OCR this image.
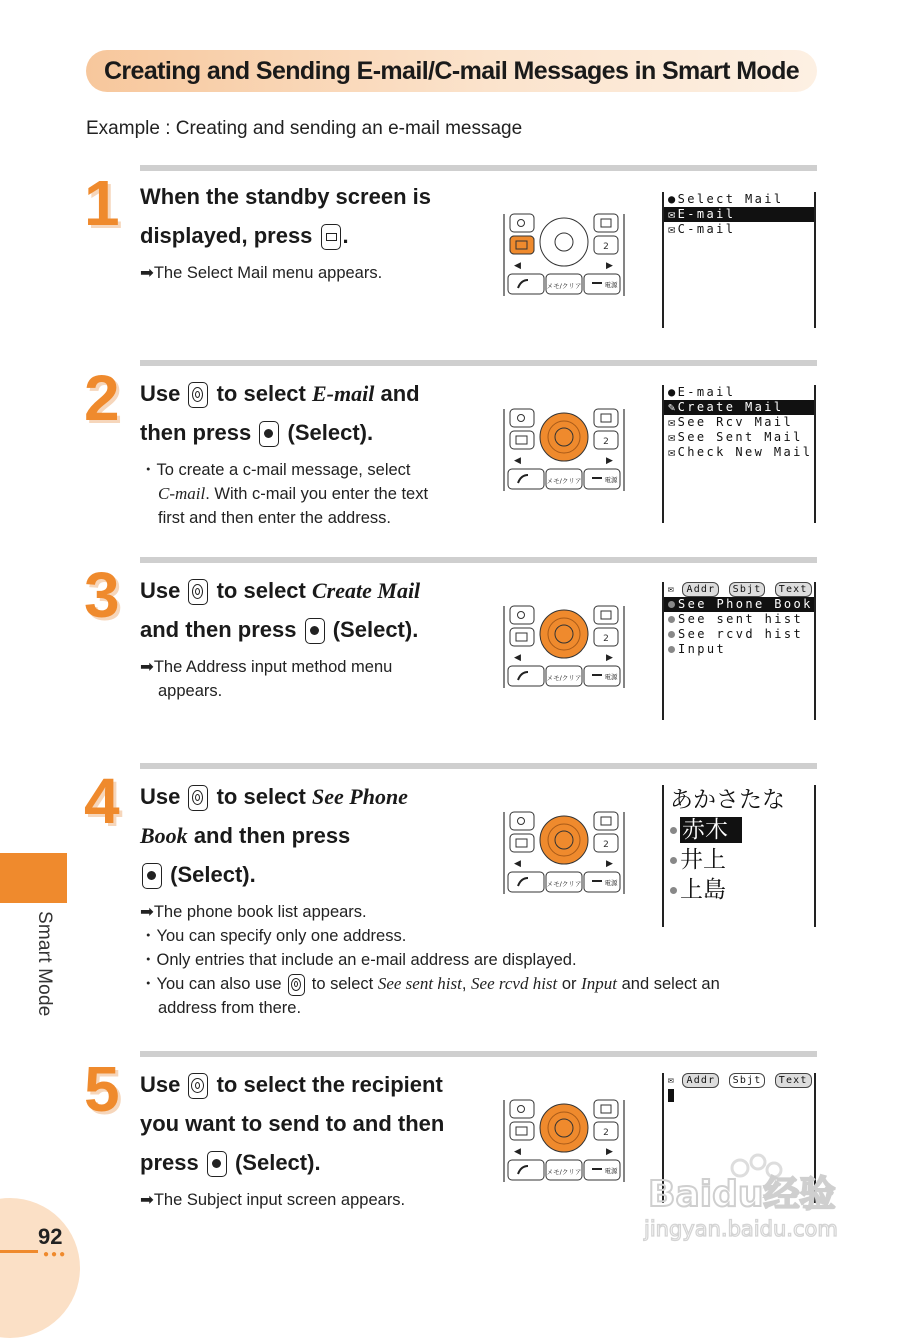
Creating and Sending E-mail/C-mail Messages in Smart Mode
Example : Creating and sending an e-mail message
1 When the standby screen is
displayed, press .
➡The Select Mail menu appears.
●Select Mail
✉E-mail
✉C-mail
2 Use to select E-mail and
then press (Select).
・To create a c-mail message, select
C-mail. With c-mail you enter the text
first and then enter the address.
●E-mail
✎Create Mail
✉See Rcv Mail
✉See Sent Mail
✉Check New Mail
3 Use to select Create Mail
and then press (Select).
➡The Address input method menu
appears.
✉ Addr Sbjt Text
See Phone Book
See sent hist
See rcvd hist
Input
4 Use to select See Phone
Book and then press
(Select).
➡The phone book list appears.
・You can specify only one address.
・Only entries that include an e-mail address are displayed.
・You can also use to select See sent hist, See rcvd hist or Input and select an
address from there.
あかさたな
赤木
井上
上島
5 Use to select the recipient
you want to send to and then
press (Select).
➡The Subject input screen appears.
✉ Addr Sbjt Text
Smart Mode
92
●●●
Baidu经验
jingyan.baidu.com
